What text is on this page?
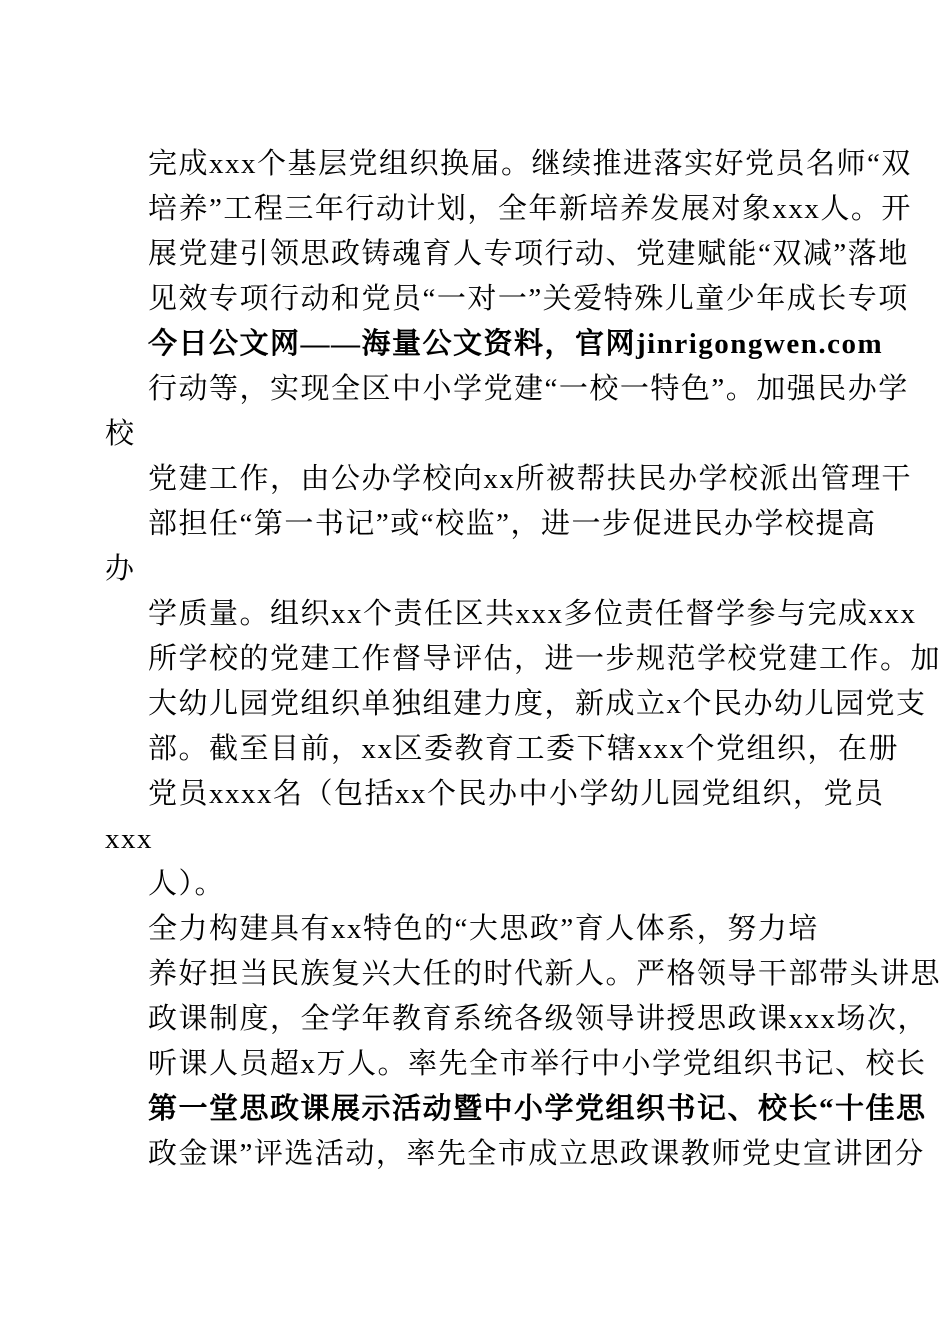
完成xxx个基层党组织换届。继续推进落实好党员名师“双
培养”工程三年行动计划，全年新培养发展对象xxx人。开
展党建引领思政铸魂育人专项行动、党建赋能“双减”落地
见效专项行动和党员“一对一”关爱特殊儿童少年成长专项
今日公文网——海量公文资料，官网jinrigongwen.com
行动等，实现全区中小学党建“一校一特色”。加强民办学
校
党建工作，由公办学校向xx所被帮扶民办学校派出管理干
部担任“第一书记”或“校监”，进一步促进民办学校提高
办
学质量。组织xx个责任区共xxx多位责任督学参与完成xxx
所学校的党建工作督导评估，进一步规范学校党建工作。加
大幼儿园党组织单独组建力度，新成立x个民办幼儿园党支
部。截至目前，xx区委教育工委下辖xxx个党组织，在册
党员xxxx名（包括xx个民办中小学幼儿园党组织，党员
xxx
人）。
全力构建具有xx特色的“大思政”育人体系，努力培
养好担当民族复兴大任的时代新人。严格领导干部带头讲思
政课制度，全学年教育系统各级领导讲授思政课xxx场次，
听课人员超x万人。率先全市举行中小学党组织书记、校长
第一堂思政课展示活动暨中小学党组织书记、校长“十佳思
政金课”评选活动，率先全市成立思政课教师党史宣讲团分
